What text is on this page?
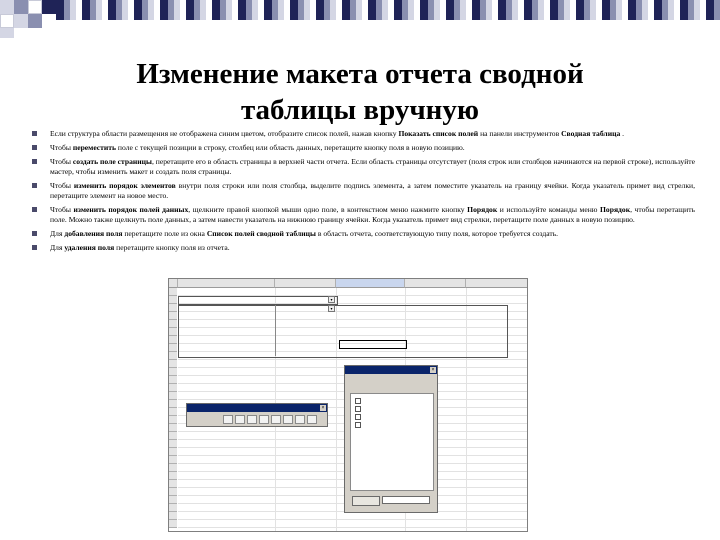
Изменение макета отчета сводной
таблицы вручную
Если структура области размещения не отображена синим цветом, отобразите список полей, нажав кнопку Показать список полей на панели инструментов Сводная таблица .
Чтобы переместить поле с текущей позиции в строку, столбец или область данных, перетащите кнопку поля в новую позицию.
Чтобы создать поле страницы, перетащите его в область страницы в верхней части отчета. Если область страницы отсутствует (поля строк или столбцов начинаются на первой строке), используйте мастер, чтобы изменить макет и создать поля страницы.
Чтобы изменить порядок элементов внутри поля строки или поля столбца, выделите подпись элемента, а затем поместите указатель на границу ячейки. Когда указатель примет вид стрелки, перетащите элемент на новое место.
Чтобы изменить порядок полей данных, щелкните правой кнопкой мыши одно поле, в контекстном меню нажмите кнопку Порядок и используйте команды меню Порядок, чтобы перетащить поле. Можно также щелкнуть поле данных, а затем навести указатель на нижнюю границу ячейки. Когда указатель примет вид стрелки, перетащите поле данных в новую позицию.
Для добавления поля перетащите поле из окна Список полей сводной таблицы в область отчета, соответствующую типу поля, которое требуется создать.
Для удаления поля перетащите кнопку поля из отчета.
▾
▾
×
×
